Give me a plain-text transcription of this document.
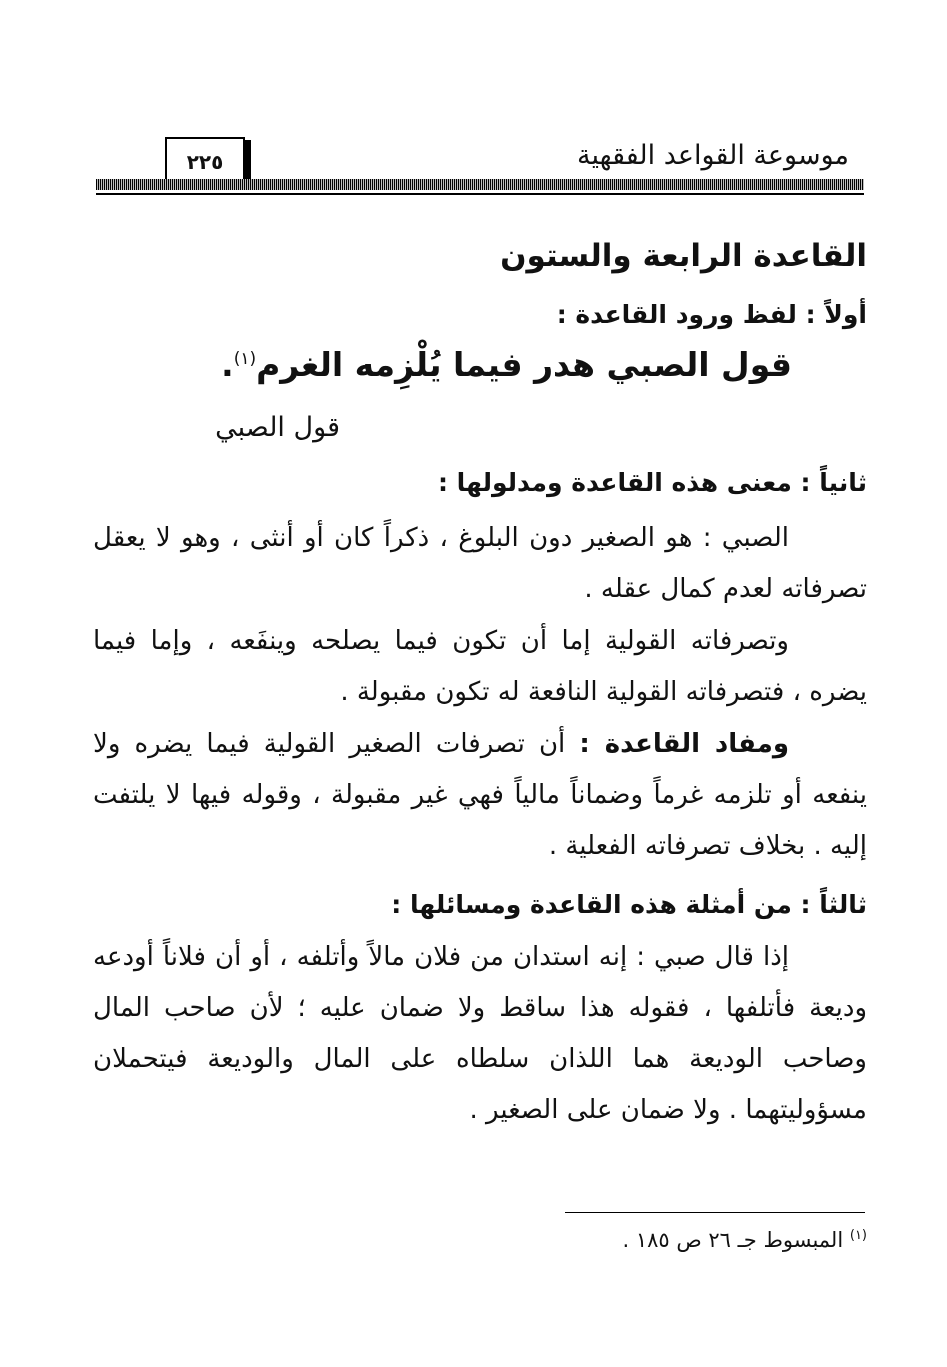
موسوعة القواعد الفقهية
٢٢٥
القاعدة الرابعة والستون
أولاً : لفظ ورود القاعدة :
قول الصبي هدر فيما يُلْزِمه الغرم$^{(١)}$.
قول الصبي
ثانياً : معنى هذه القاعدة ومدلولها :
الصبي : هو الصغير دون البلوغ ، ذكراً كان أو أنثى ، وهو لا يعقل تصرفاته لعدم كمال عقله .
وتصرفاته القولية إما أن تكون فيما يصلحه وينفَعه ، وإما فيما يضره ، فتصرفاته القولية النافعة له تكون مقبولة .
ومفاد القاعدة : أن تصرفات الصغير القولية فيما يضره ولا ينفعه أو تلزمه غرماً وضماناً مالياً فهي غير مقبولة ، وقوله فيها لا يلتفت إليه . بخلاف تصرفاته الفعلية .
ثالثاً : من أمثلة هذه القاعدة ومسائلها :
إذا قال صبي : إنه استدان من فلان مالاً وأتلفه ، أو أن فلاناً أودعه وديعة فأتلفها ، فقوله هذا ساقط ولا ضمان عليه ؛ لأن صاحب المال وصاحب الوديعة هما اللذان سلطاه على المال والوديعة فيتحملان مسؤوليتهما . ولا ضمان على الصغير .
$^{(١)}$ المبسوط جـ ٢٦ ص ١٨٥ .
